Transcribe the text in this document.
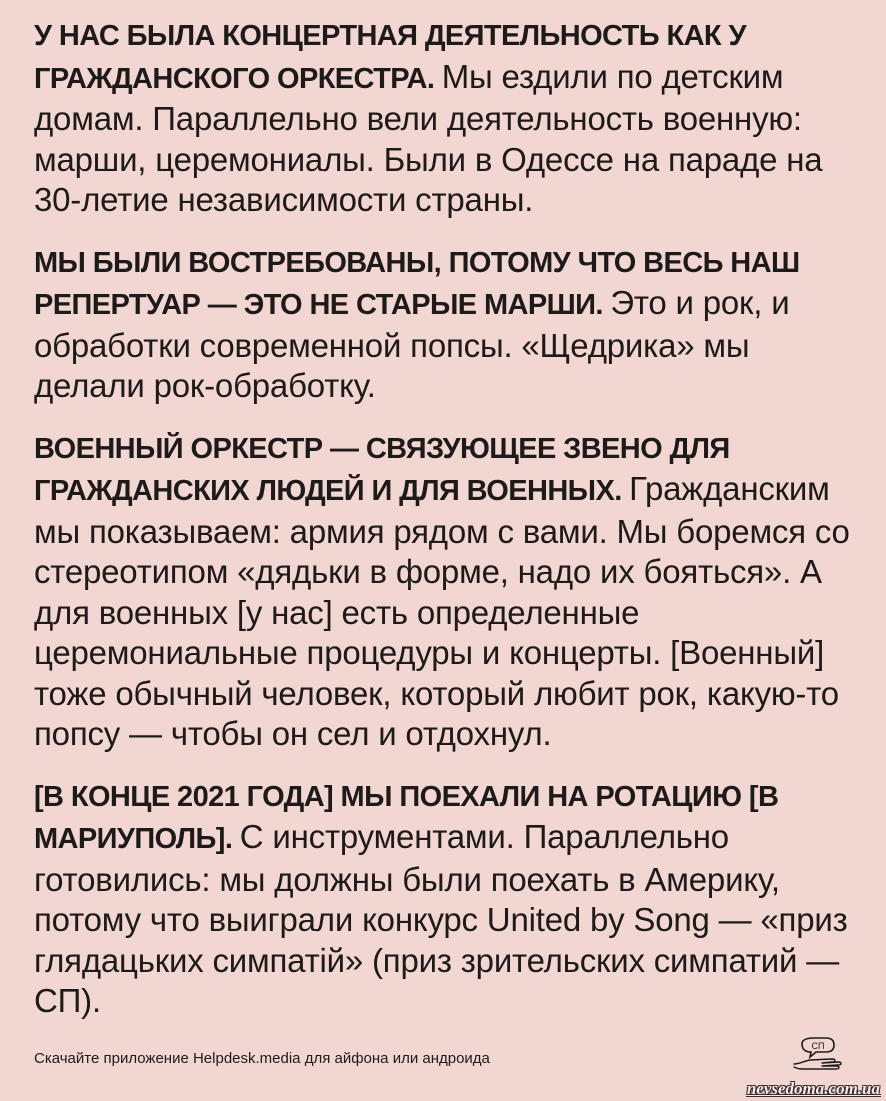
У НАС БЫЛА КОНЦЕРТНАЯ ДЕЯТЕЛЬНОСТЬ КАК У ГРАЖДАНСКОГО ОРКЕСТРА. Мы ездили по детским домам. Параллельно вели деятельность военную: марши, церемониалы. Были в Одессе на параде на 30-летие независимости страны.

МЫ БЫЛИ ВОСТРЕБОВАНЫ, ПОТОМУ ЧТО ВЕСЬ НАШ РЕПЕРТУАР — ЭТО НЕ СТАРЫЕ МАРШИ. Это и рок, и обработки современной попсы. «Щедрика» мы делали рок-обработку.

ВОЕННЫЙ ОРКЕСТР — СВЯЗУЮЩЕЕ ЗВЕНО ДЛЯ ГРАЖДАНСКИХ ЛЮДЕЙ И ДЛЯ ВОЕННЫХ. Гражданским мы показываем: армия рядом с вами. Мы боремся со стереотипом «дядьки в форме, надо их бояться». А для военных [у нас] есть определенные церемониальные процедуры и концерты. [Военный] тоже обычный человек, который любит рок, какую-то попсу — чтобы он сел и отдохнул.

[В КОНЦЕ 2021 ГОДА] МЫ ПОЕХАЛИ НА РОТАЦИЮ [В МАРИУПОЛЬ]. С инструментами. Параллельно готовились: мы должны были поехать в Америку, потому что выиграли конкурс United by Song — «приз глядацьких симпатій» (приз зрительских симпатий — СП).

Скачайте приложение Helpdesk.media для айфона или андроида
СП
nevsedoma.com.ua
